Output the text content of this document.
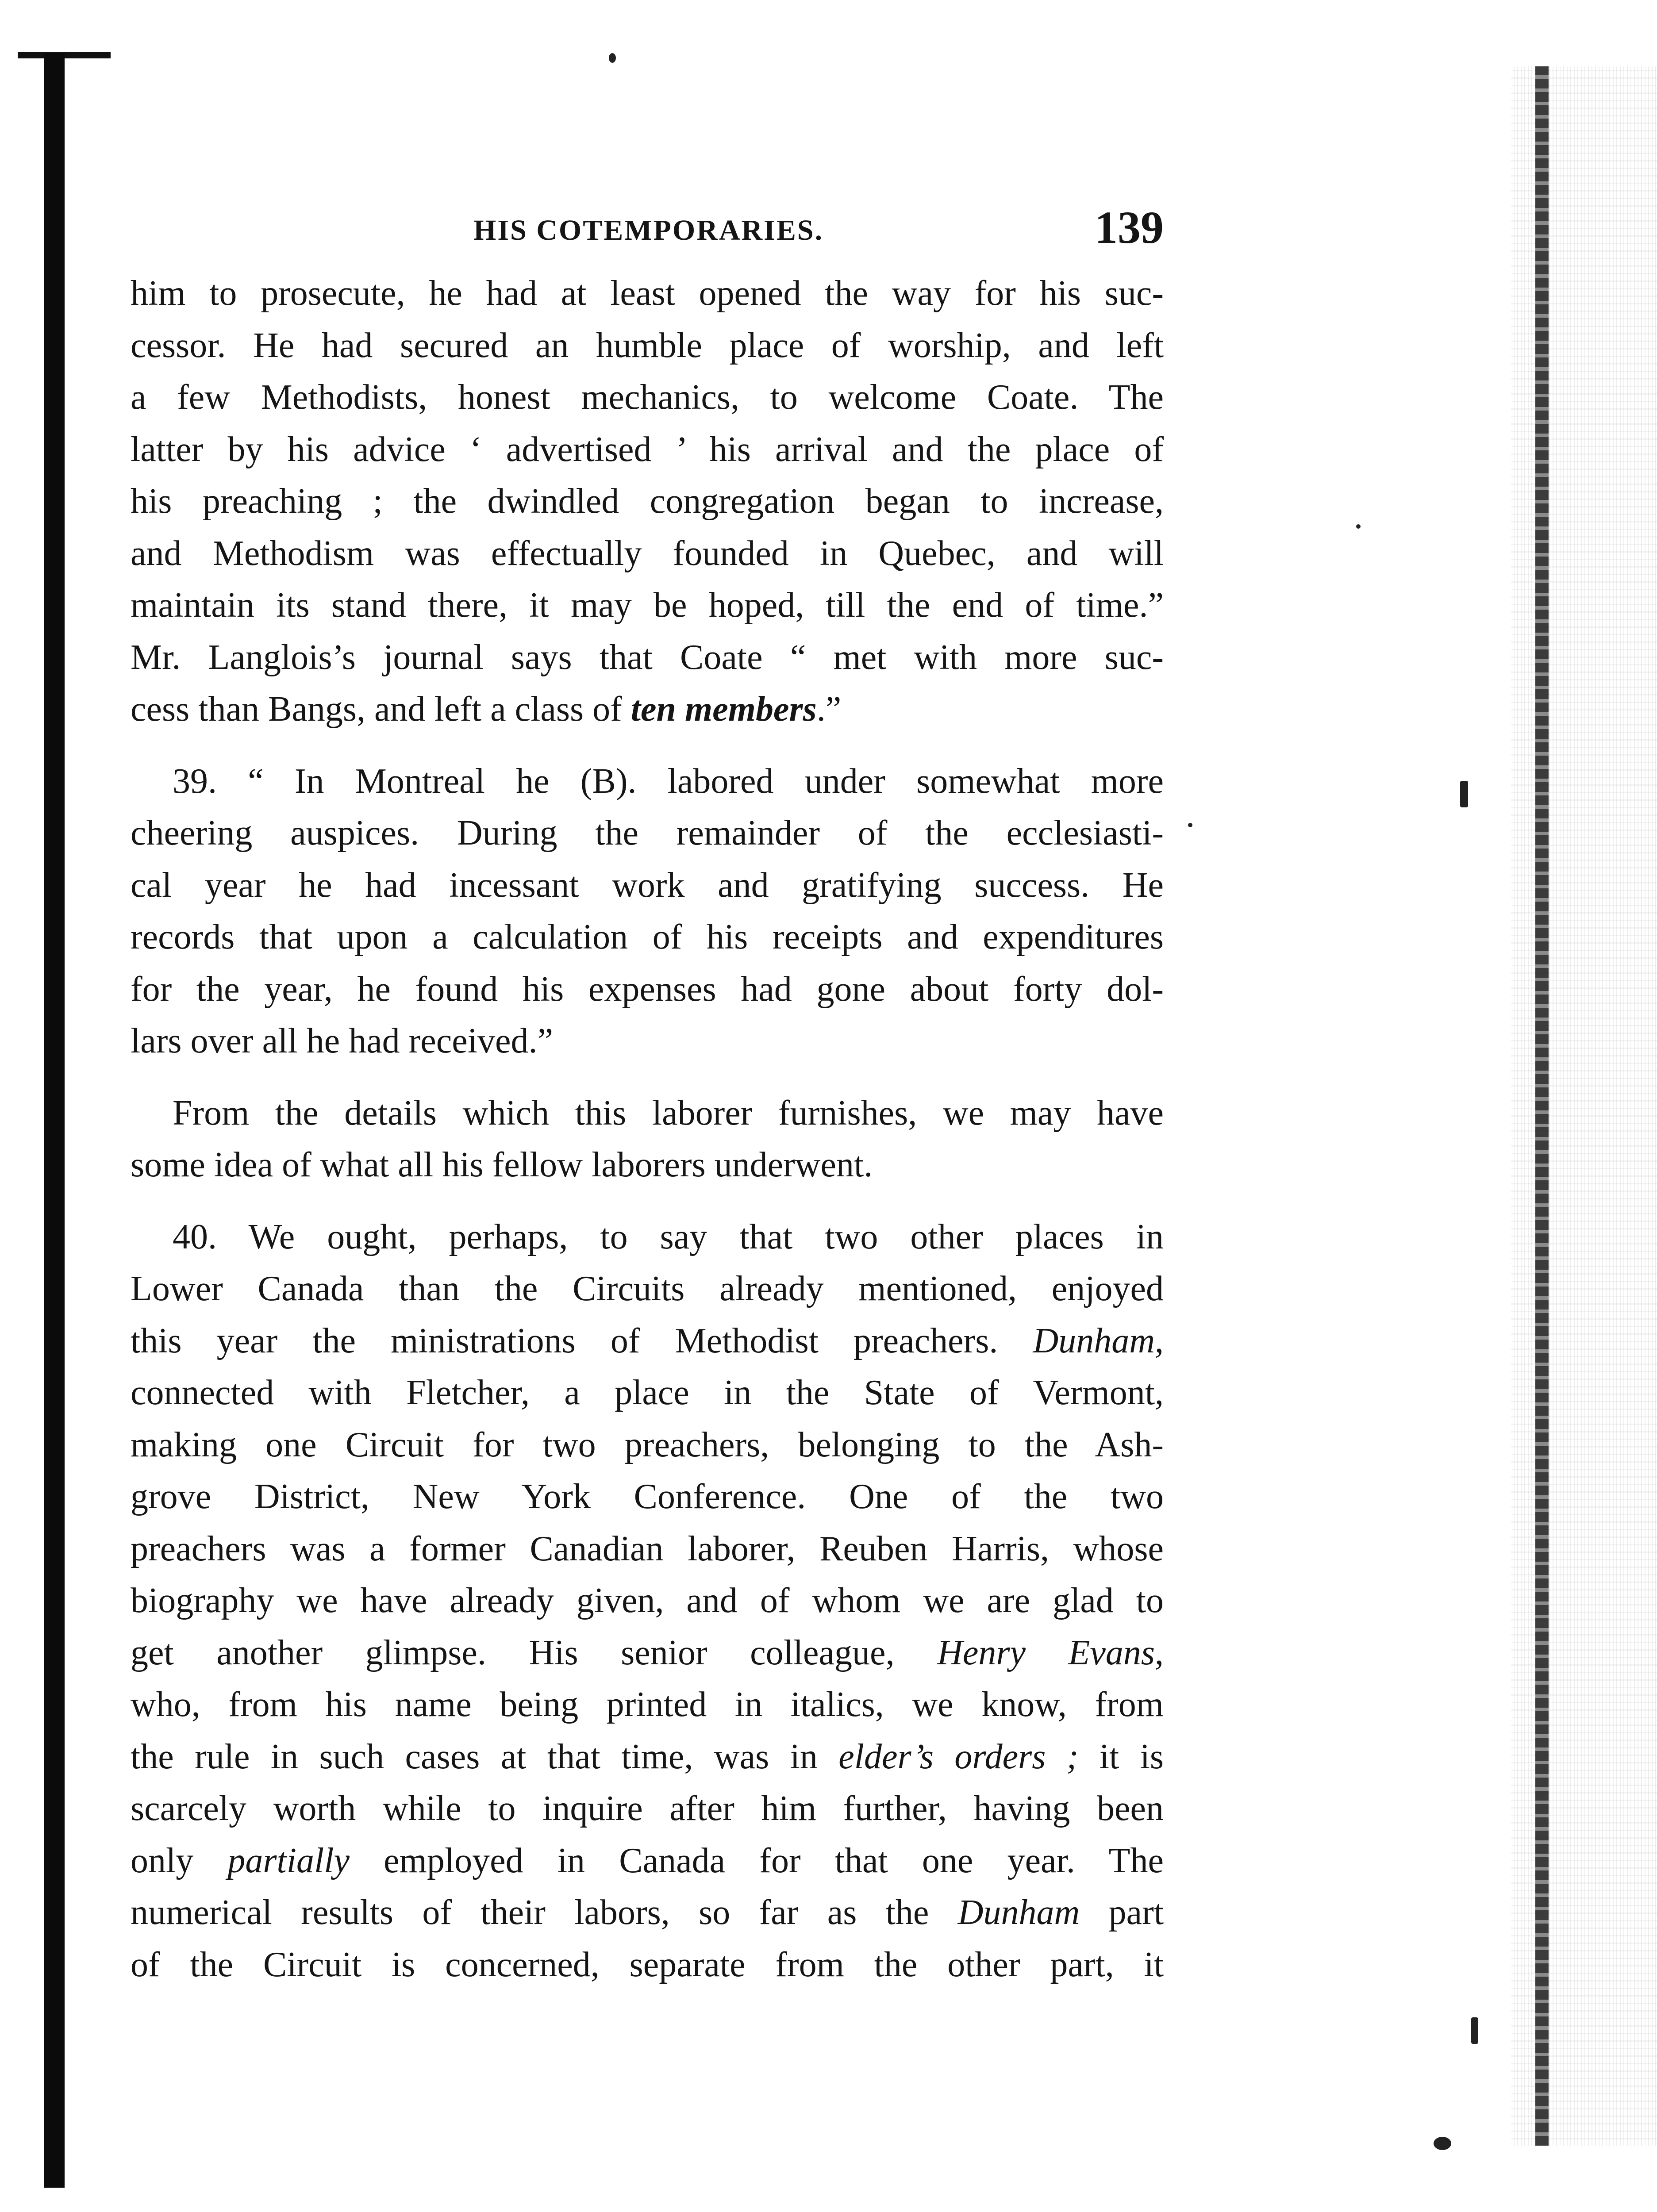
HIS COTEMPORARIES.	139

him to prosecute, he had at least opened the way for his suc-

cessor. He had secured an humble place of worship, and left

a few Methodists, honest mechanics, to welcome Coate. The

latter by his advice ‘ advertised ’ his arrival and the place of

his preaching ; the dwindled congregation began to increase,

and Methodism was effectually founded in Quebec, and will

maintain its stand there, it may be hoped, till the end of time.”

Mr. Langlois’s journal says that Coate “ met with more suc-

cess than Bangs, and left a class of ten members.”

39. “ In Montreal he (B). labored under somewhat more

cheering auspices. During the remainder of the ecclesiasti-

cal year he had incessant work and gratifying success. He

records that upon a calculation of his receipts and expenditures

for the year, he found his expenses had gone about forty dol-

lars over all he had received.”

From the details which this laborer furnishes, we may have

some idea of what all his fellow laborers underwent.

40. We ought, perhaps, to say that two other places in

Lower Canada than the Circuits already mentioned, enjoyed

this year the ministrations of Methodist preachers. Dunham,

connected with Fletcher, a place in the State of Vermont,

making one Circuit for two preachers, belonging to the Ash-

grove District, New York Conference. One of the two

preachers was a former Canadian laborer, Reuben Harris, whose

biography we have already given, and of whom we are glad to

get another glimpse. His senior colleague, Henry Evans,

who, from his name being printed in italics, we know, from

the rule in such cases at that time, was in elder’s orders ; it is

scarcely worth while to inquire after him further, having been

only partially employed in Canada for that one year. The

numerical results of their labors, so far as the Dunham part

of the Circuit is concerned, separate from the other part, it
